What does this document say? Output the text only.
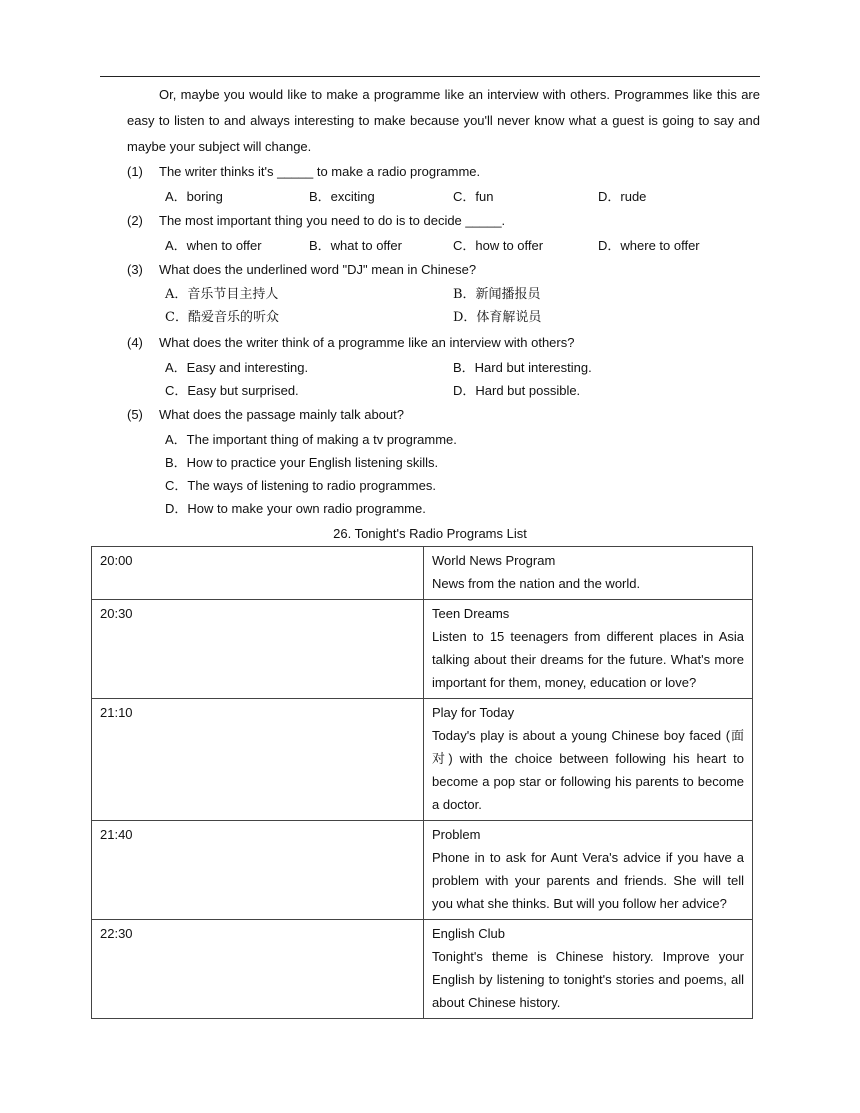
Or, maybe you would like to make a programme like an interview with others. Programmes like this are easy to listen to and always interesting to make because you'll never know what a guest is going to say and maybe your subject will change.

(1) The writer thinks it's _____ to make a radio programme.
A．boring	B．exciting	C．fun	D．rude
(2) The most important thing you need to do is to decide _____.
A．when to offer	B．what to offer	C．how to offer	D．where to offer
(3) What does the underlined word "DJ" mean in Chinese?
A．音乐节目主持人	B．新闻播报员
C．酷爱音乐的听众	D．体育解说员
(4) What does the writer think of a programme like an interview with others?
A．Easy and interesting.	B．Hard but interesting.
C．Easy but surprised.	D．Hard but possible.
(5) What does the passage mainly talk about?
A．The important thing of making a tv programme.
B．How to practice your English listening skills.
C．The ways of listening to radio programmes.
D．How to make your own radio programme.
26. Tonight's Radio Programs List
20:00	World News Program
News from the nation and the world.
20:30	Teen Dreams
Listen to 15 teenagers from different places in Asia talking about their dreams for the future. What's more important for them, money, education or love?
21:10	Play for Today
Today's play is about a young Chinese boy faced (面对) with the choice between following his heart to become a pop star or following his parents to become a doctor.
21:40	Problem
Phone in to ask for Aunt Vera's advice if you have a problem with your parents and friends. She will tell you what she thinks. But will you follow her advice?
22:30	English Club
Tonight's theme is Chinese history. Improve your English by listening to tonight's stories and poems, all about Chinese history.
